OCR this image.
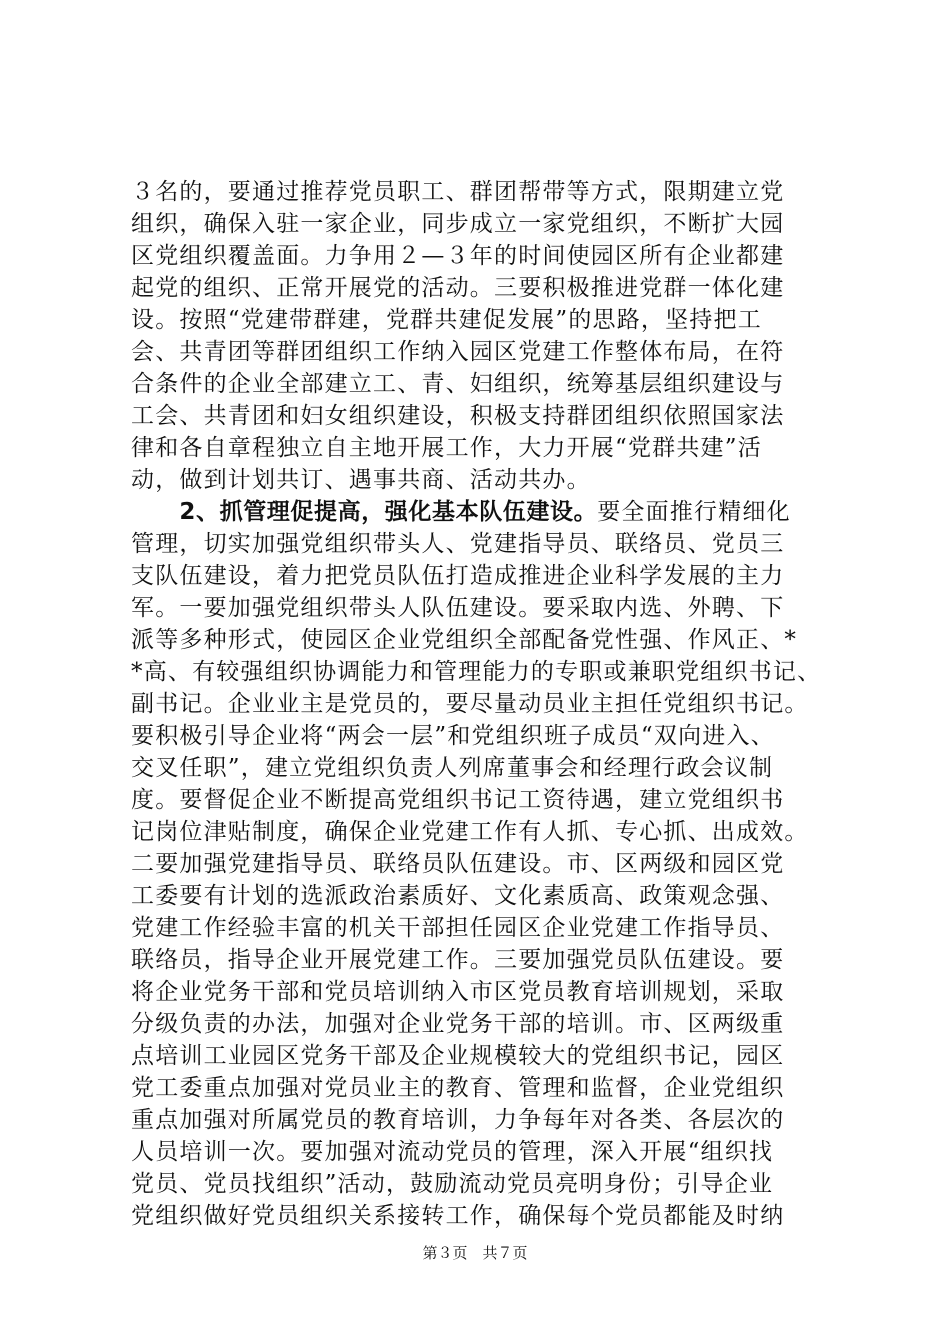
３名的，要通过推荐党员职工、群团帮带等方式，限期建立党
组织，确保入驻一家企业，同步成立一家党组织，不断扩大园
区党组织覆盖面。力争用２—３年的时间使园区所有企业都建
起党的组织、正常开展党的活动。三要积极推进党群一体化建
设。按照“党建带群建，党群共建促发展”的思路，坚持把工
会、共青团等群团组织工作纳入园区党建工作整体布局，在符
合条件的企业全部建立工、青、妇组织，统筹基层组织建设与
工会、共青团和妇女组织建设，积极支持群团组织依照国家法
律和各自章程独立自主地开展工作，大力开展“党群共建”活
动，做到计划共订、遇事共商、活动共办。
　　2、抓管理促提高，强化基本队伍建设。要全面推行精细化
管理，切实加强党组织带头人、党建指导员、联络员、党员三
支队伍建设，着力把党员队伍打造成推进企业科学发展的主力
军。一要加强党组织带头人队伍建设。要采取内选、外聘、下
派等多种形式，使园区企业党组织全部配备党性强、作风正、*
*高、有较强组织协调能力和管理能力的专职或兼职党组织书记、
副书记。企业业主是党员的，要尽量动员业主担任党组织书记。
要积极引导企业将“两会一层”和党组织班子成员“双向进入、
交叉任职”，建立党组织负责人列席董事会和经理行政会议制
度。要督促企业不断提高党组织书记工资待遇，建立党组织书
记岗位津贴制度，确保企业党建工作有人抓、专心抓、出成效。
二要加强党建指导员、联络员队伍建设。市、区两级和园区党
工委要有计划的选派政治素质好、文化素质高、政策观念强、
党建工作经验丰富的机关干部担任园区企业党建工作指导员、
联络员，指导企业开展党建工作。三要加强党员队伍建设。要
将企业党务干部和党员培训纳入市区党员教育培训规划，采取
分级负责的办法，加强对企业党务干部的培训。市、区两级重
点培训工业园区党务干部及企业规模较大的党组织书记，园区
党工委重点加强对党员业主的教育、管理和监督，企业党组织
重点加强对所属党员的教育培训，力争每年对各类、各层次的
人员培训一次。要加强对流动党员的管理，深入开展“组织找
党员、党员找组织”活动，鼓励流动党员亮明身份；引导企业
党组织做好党员组织关系接转工作，确保每个党员都能及时纳
第３页　共７页
